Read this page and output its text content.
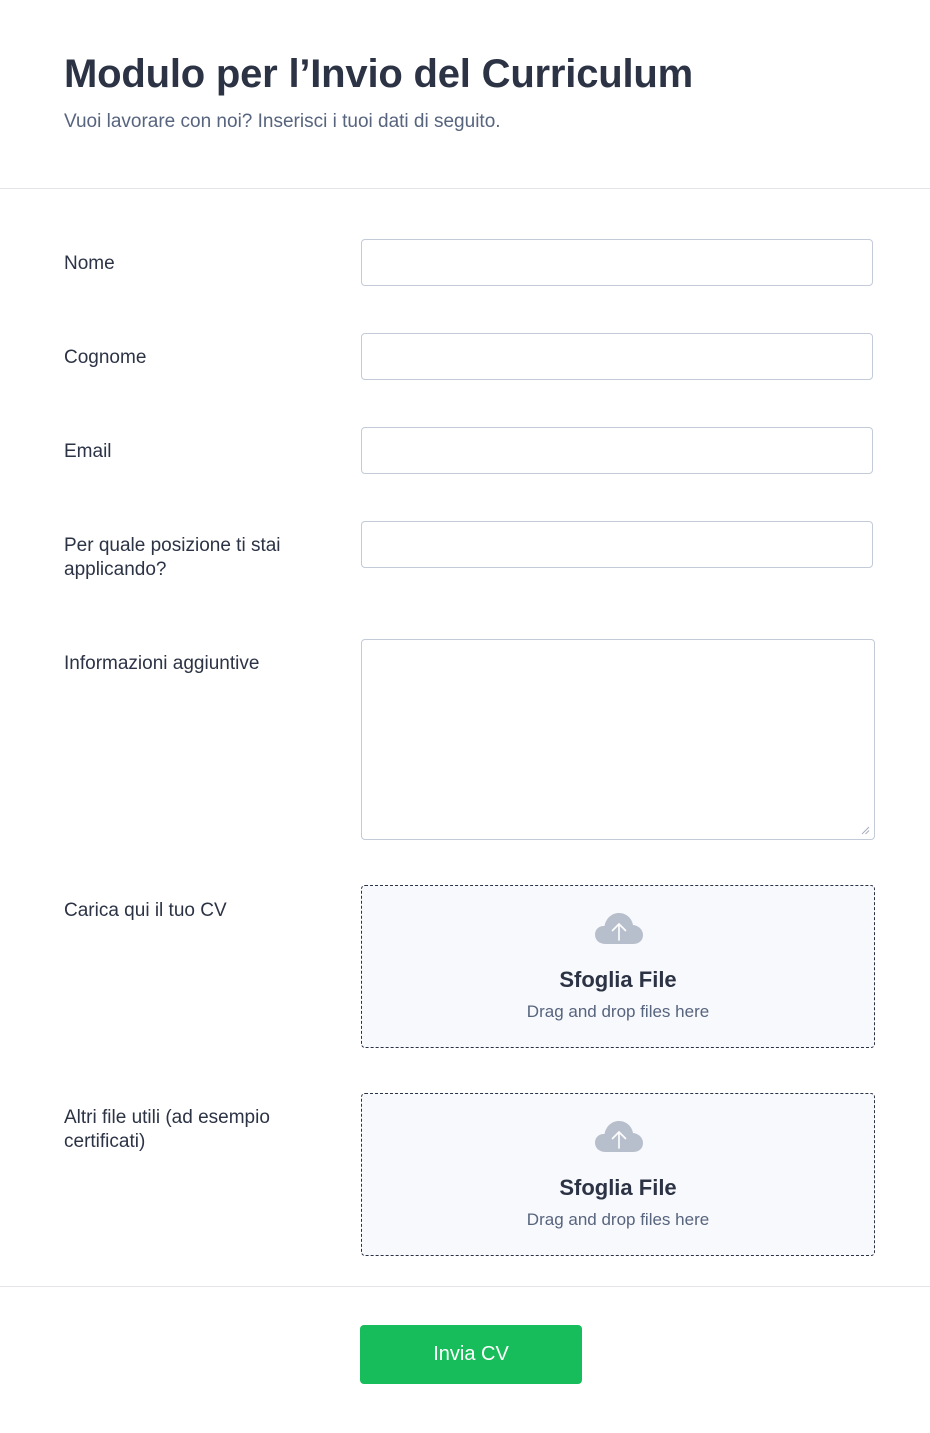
Modulo per l’Invio del Curriculum

Vuoi lavorare con noi? Inserisci i tuoi dati di seguito.

Nome
Cognome
Email
Per quale posizione ti stai applicando?
Informazioni aggiuntive
Carica qui il tuo CV
Sfoglia File
Drag and drop files here
Altri file utili (ad esempio certificati)
Sfoglia File
Drag and drop files here
Invia CV
